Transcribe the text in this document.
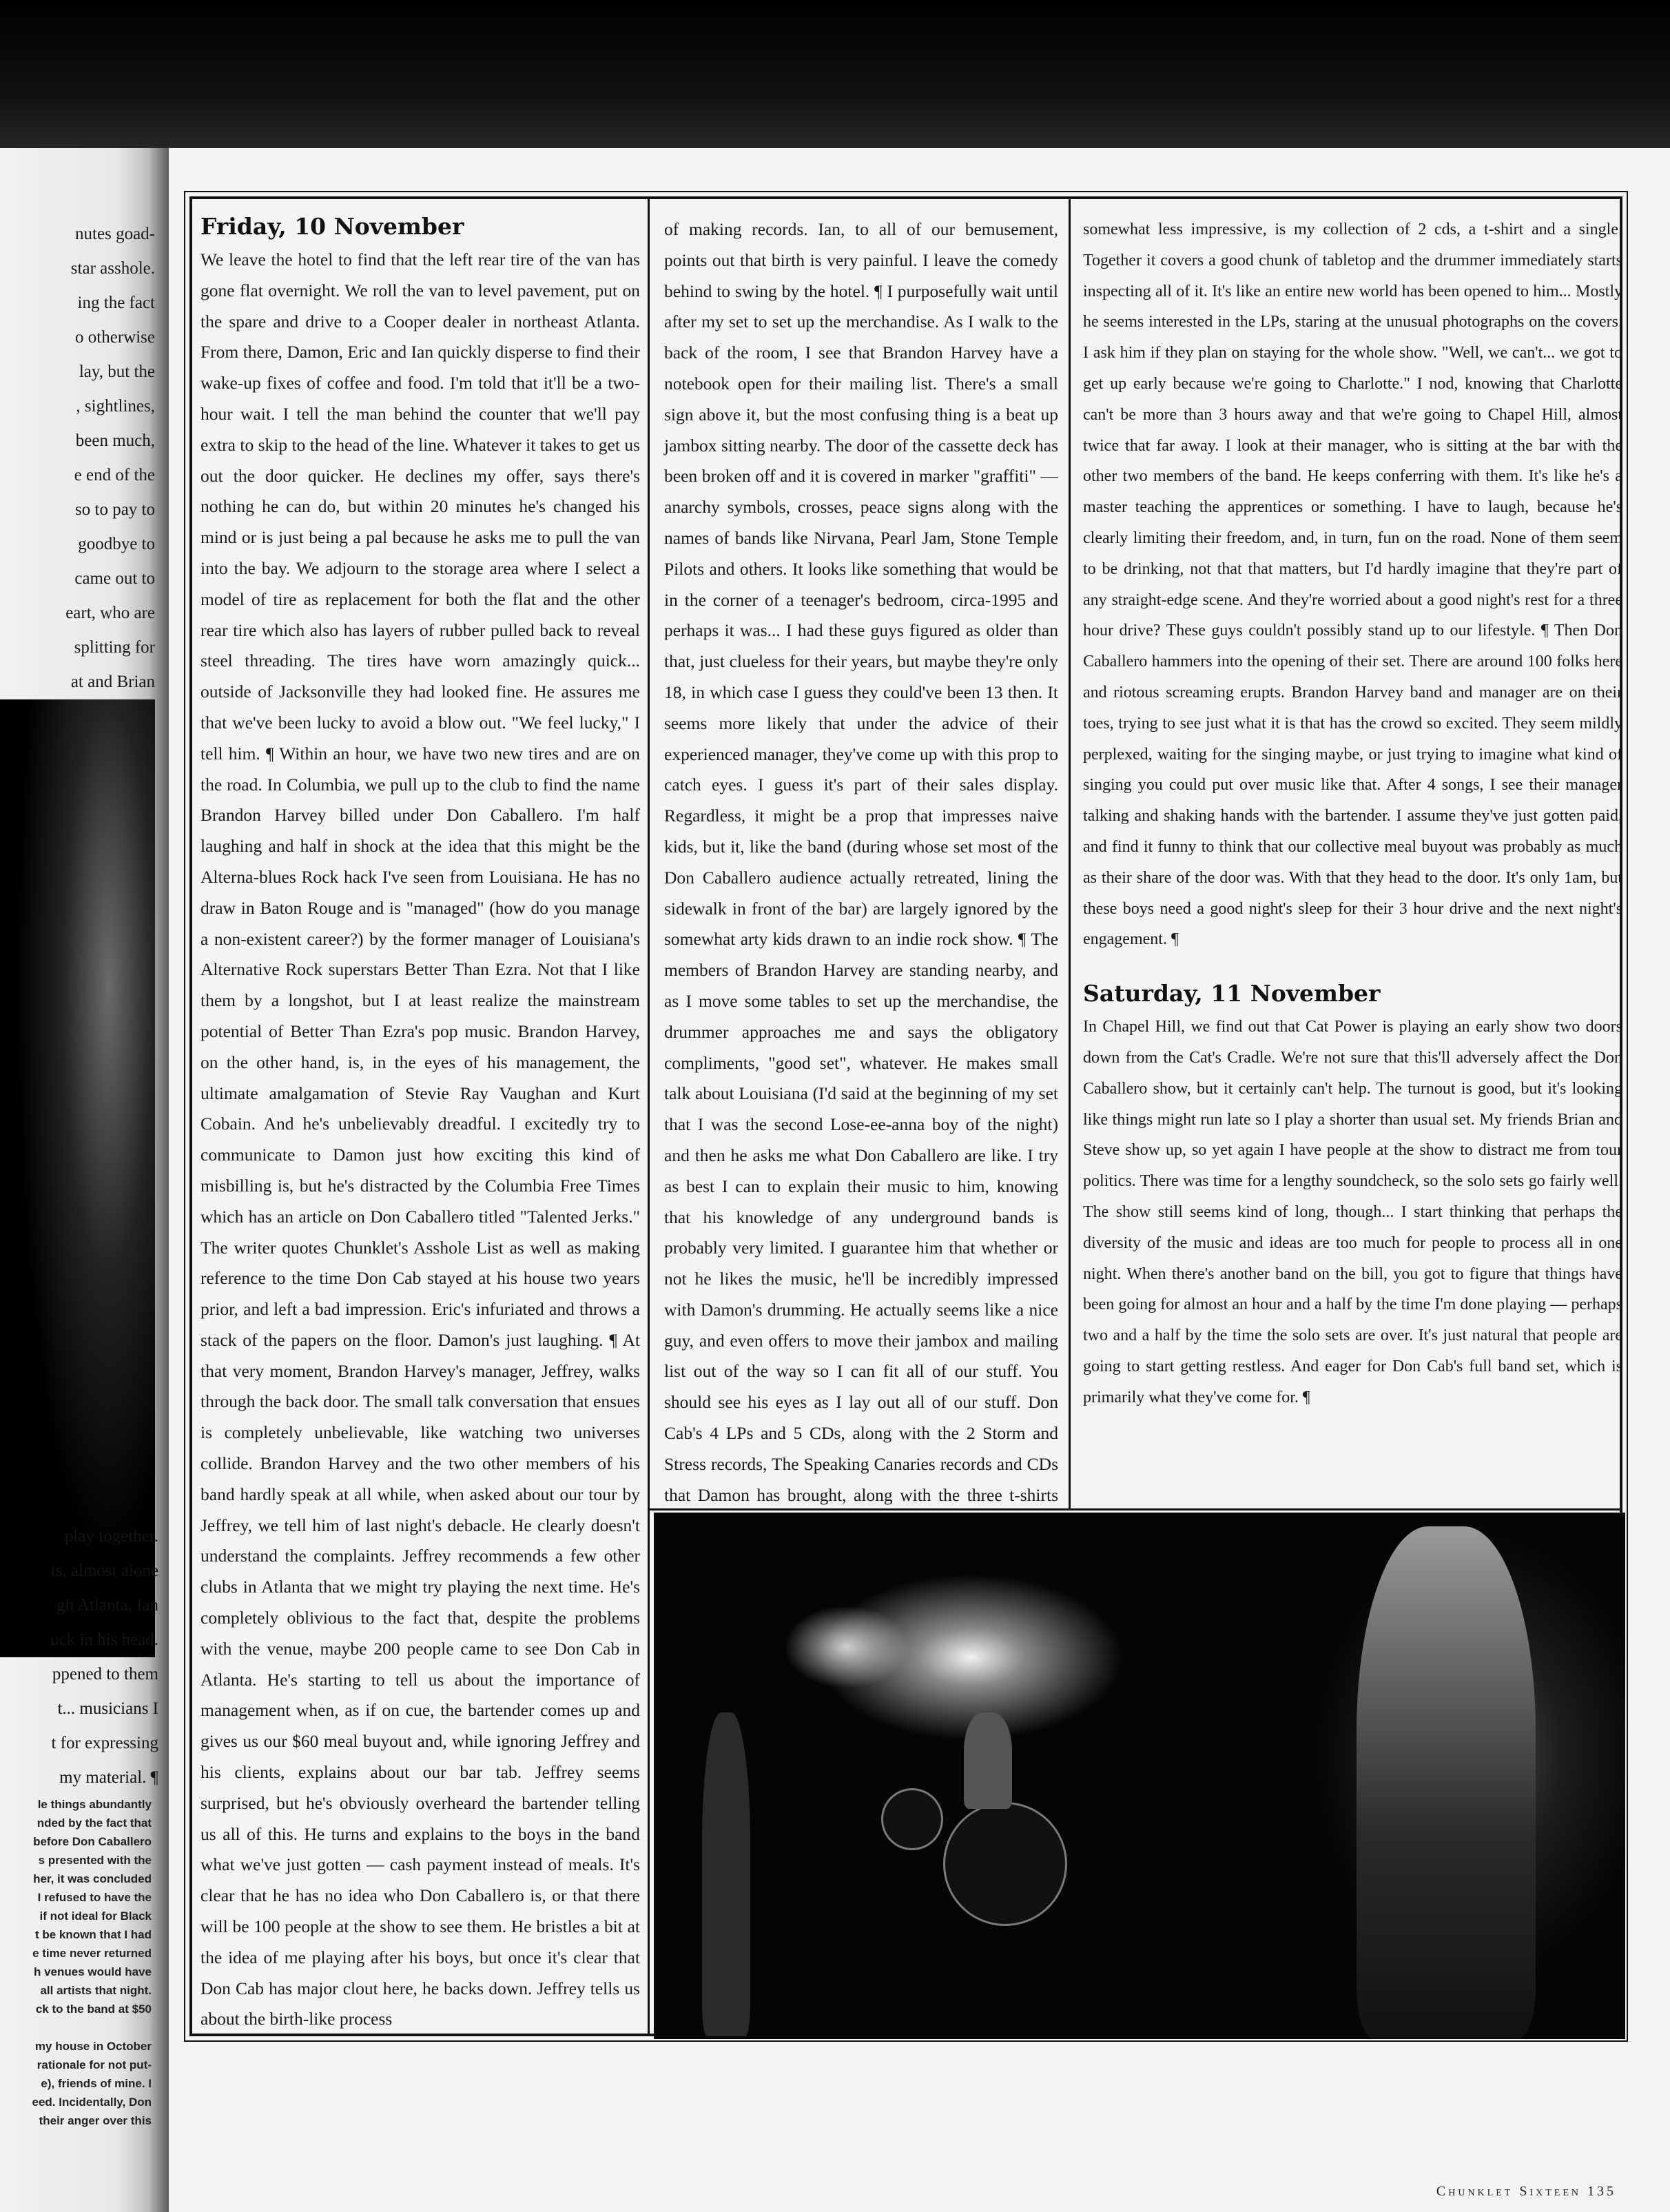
nutes goad-
star asshole.
ing the fact
o otherwise
lay, but the
, sightlines,
been much,
e end of the
so to pay to
goodbye to
came out to
eart, who are
splitting for
at and Brian
play together.
ts, almost alone
gh Atlanta, Ian
uck in his head.
ppened to them
t... musicians I
t for expressing
my material. ¶
le things abundantly
nded by the fact that
before Don Caballero
s presented with the
her, it was concluded
I refused to have the
if not ideal for Black
t be known that I had
e time never returned
h venues would have
all artists that night.
ck to the band at $50

my house in October
rationale for not put-
e), friends of mine. I
eed. Incidentally, Don
their anger over this
Friday, 10 November

We leave the hotel to find that the left rear tire of the van has gone flat overnight. We roll the van to level pavement, put on the spare and drive to a Cooper dealer in northeast Atlanta. From there, Damon, Eric and Ian quickly disperse to find their wake-up fixes of coffee and food. I'm told that it'll be a two-hour wait. I tell the man behind the counter that we'll pay extra to skip to the head of the line. Whatever it takes to get us out the door quicker. He declines my offer, says there's nothing he can do, but within 20 minutes he's changed his mind or is just being a pal because he asks me to pull the van into the bay. We adjourn to the storage area where I select a model of tire as replacement for both the flat and the other rear tire which also has layers of rubber pulled back to reveal steel threading. The tires have worn amazingly quick... outside of Jacksonville they had looked fine. He assures me that we've been lucky to avoid a blow out. "We feel lucky," I tell him. ¶ Within an hour, we have two new tires and are on the road. In Columbia, we pull up to the club to find the name Brandon Harvey billed under Don Caballero. I'm half laughing and half in shock at the idea that this might be the Alterna-blues Rock hack I've seen from Louisiana. He has no draw in Baton Rouge and is "managed" (how do you manage a non-existent career?) by the former manager of Louisiana's Alternative Rock superstars Better Than Ezra. Not that I like them by a longshot, but I at least realize the mainstream potential of Better Than Ezra's pop music. Brandon Harvey, on the other hand, is, in the eyes of his management, the ultimate amalgamation of Stevie Ray Vaughan and Kurt Cobain. And he's unbelievably dreadful. I excitedly try to communicate to Damon just how exciting this kind of misbilling is, but he's distracted by the Columbia Free Times which has an article on Don Caballero titled "Talented Jerks." The writer quotes Chunklet's Asshole List as well as making reference to the time Don Cab stayed at his house two years prior, and left a bad impression. Eric's infuriated and throws a stack of the papers on the floor. Damon's just laughing. ¶ At that very moment, Brandon Harvey's manager, Jeffrey, walks through the back door. The small talk conversation that ensues is completely unbelievable, like watching two universes collide. Brandon Harvey and the two other members of his band hardly speak at all while, when asked about our tour by Jeffrey, we tell him of last night's debacle. He clearly doesn't understand the complaints. Jeffrey recommends a few other clubs in Atlanta that we might try playing the next time. He's completely oblivious to the fact that, despite the problems with the venue, maybe 200 people came to see Don Cab in Atlanta. He's starting to tell us about the importance of management when, as if on cue, the bartender comes up and gives us our $60 meal buyout and, while ignoring Jeffrey and his clients, explains about our bar tab. Jeffrey seems surprised, but he's obviously overheard the bartender telling us all of this. He turns and explains to the boys in the band what we've just gotten — cash payment instead of meals. It's clear that he has no idea who Don Caballero is, or that there will be 100 people at the show to see them. He bristles a bit at the idea of me playing after his boys, but once it's clear that Don Cab has major clout here, he backs down. Jeffrey tells us about the birth-like process

of making records. Ian, to all of our bemusement, points out that birth is very painful. I leave the comedy behind to swing by the hotel. ¶ I purposefully wait until after my set to set up the merchandise. As I walk to the back of the room, I see that Brandon Harvey have a notebook open for their mailing list. There's a small sign above it, but the most confusing thing is a beat up jambox sitting nearby. The door of the cassette deck has been broken off and it is covered in marker "graffiti" — anarchy symbols, crosses, peace signs along with the names of bands like Nirvana, Pearl Jam, Stone Temple Pilots and others. It looks like something that would be in the corner of a teenager's bedroom, circa-1995 and perhaps it was... I had these guys figured as older than that, just clueless for their years, but maybe they're only 18, in which case I guess they could've been 13 then. It seems more likely that under the advice of their experienced manager, they've come up with this prop to catch eyes. I guess it's part of their sales display. Regardless, it might be a prop that impresses naive kids, but it, like the band (during whose set most of the Don Caballero audience actually retreated, lining the sidewalk in front of the bar) are largely ignored by the somewhat arty kids drawn to an indie rock show. ¶ The members of Brandon Harvey are standing nearby, and as I move some tables to set up the merchandise, the drummer approaches me and says the obligatory compliments, "good set", whatever. He makes small talk about Louisiana (I'd said at the beginning of my set that I was the second Lose-ee-anna boy of the night) and then he asks me what Don Caballero are like. I try as best I can to explain their music to him, knowing that his knowledge of any underground bands is probably very limited. I guarantee him that whether or not he likes the music, he'll be incredibly impressed with Damon's drumming. He actually seems like a nice guy, and even offers to move their jambox and mailing list out of the way so I can fit all of our stuff. You should see his eyes as I lay out all of our stuff. Don Cab's 4 LPs and 5 CDs, along with the 2 Storm and Stress records, The Speaking Canaries records and CDs that Damon has brought, along with the three t-shirts

somewhat less impressive, is my collection of 2 cds, a t-shirt and a single. Together it covers a good chunk of tabletop and the drummer immediately starts inspecting all of it. It's like an entire new world has been opened to him... Mostly he seems interested in the LPs, staring at the unusual photographs on the covers. I ask him if they plan on staying for the whole show. "Well, we can't... we got to get up early because we're going to Charlotte." I nod, knowing that Charlotte can't be more than 3 hours away and that we're going to Chapel Hill, almost twice that far away. I look at their manager, who is sitting at the bar with the other two members of the band. He keeps conferring with them. It's like he's a master teaching the apprentices or something. I have to laugh, because he's clearly limiting their freedom, and, in turn, fun on the road. None of them seem to be drinking, not that that matters, but I'd hardly imagine that they're part of any straight-edge scene. And they're worried about a good night's rest for a three hour drive? These guys couldn't possibly stand up to our lifestyle. ¶ Then Don Caballero hammers into the opening of their set. There are around 100 folks here and riotous screaming erupts. Brandon Harvey band and manager are on their toes, trying to see just what it is that has the crowd so excited. They seem mildly perplexed, waiting for the singing maybe, or just trying to imagine what kind of singing you could put over music like that. After 4 songs, I see their manager talking and shaking hands with the bartender. I assume they've just gotten paid, and find it funny to think that our collective meal buyout was probably as much as their share of the door was. With that they head to the door. It's only 1am, but these boys need a good night's sleep for their 3 hour drive and the next night's engagement. ¶

Saturday, 11 November

In Chapel Hill, we find out that Cat Power is playing an early show two doors down from the Cat's Cradle. We're not sure that this'll adversely affect the Don Caballero show, but it certainly can't help. The turnout is good, but it's looking like things might run late so I play a shorter than usual set. My friends Brian and Steve show up, so yet again I have people at the show to distract me from tour politics. There was time for a lengthy soundcheck, so the solo sets go fairly well. The show still seems kind of long, though... I start thinking that perhaps the diversity of the music and ideas are too much for people to process all in one night. When there's another band on the bill, you got to figure that things have been going for almost an hour and a half by the time I'm done playing — perhaps two and a half by the time the solo sets are over. It's just natural that people are going to start getting restless. And eager for Don Cab's full band set, which is primarily what they've come for. ¶

Chunklet Sixteen 135
